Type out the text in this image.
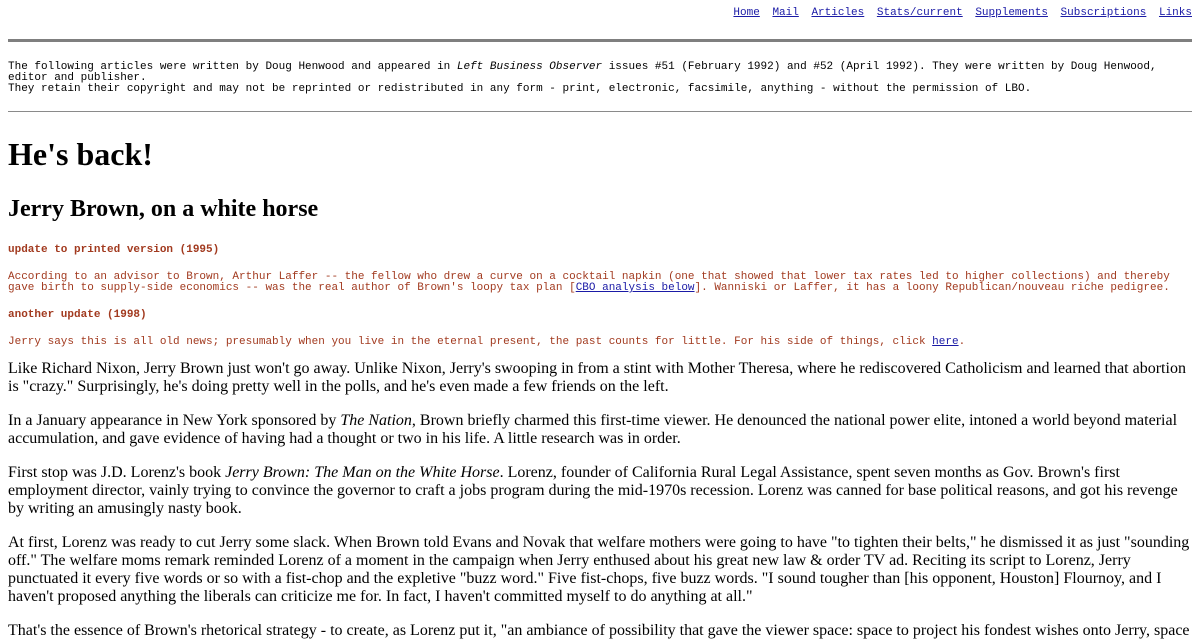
Home Mail Articles Stats/current Supplements Subscriptions Links
The following articles were written by Doug Henwood and appeared in Left Business Observer issues #51 (February 1992) and #52 (April 1992). They were written by Doug Henwood, editor and publisher.
They retain their copyright and may not be reprinted or redistributed in any form - print, electronic, facsimile, anything - without the permission of LBO.
He's back!
Jerry Brown, on a white horse
update to printed version (1995)
According to an advisor to Brown, Arthur Laffer -- the fellow who drew a curve on a cocktail napkin (one that showed that lower tax rates led to higher collections) and thereby gave birth to supply-side economics -- was the real author of Brown's loopy tax plan [CBO analysis below]. Wanniski or Laffer, it has a loony Republican/nouveau riche pedigree.
another update (1998)
Jerry says this is all old news; presumably when you live in the eternal present, the past counts for little. For his side of things, click here.

Like Richard Nixon, Jerry Brown just won't go away. Unlike Nixon, Jerry's swooping in from a stint with Mother Theresa, where he rediscovered Catholicism and learned that abortion is "crazy." Surprisingly, he's doing pretty well in the polls, and he's even made a few friends on the left.

In a January appearance in New York sponsored by The Nation, Brown briefly charmed this first-time viewer. He denounced the national power elite, intoned a world beyond material accumulation, and gave evidence of having had a thought or two in his life. A little research was in order.

First stop was J.D. Lorenz's book Jerry Brown: The Man on the White Horse. Lorenz, founder of California Rural Legal Assistance, spent seven months as Gov. Brown's first employment director, vainly trying to convince the governor to craft a jobs program during the mid-1970s recession. Lorenz was canned for base political reasons, and got his revenge by writing an amusingly nasty book.

At first, Lorenz was ready to cut Jerry some slack. When Brown told Evans and Novak that welfare mothers were going to have "to tighten their belts," he dismissed it as just "sounding off." The welfare moms remark reminded Lorenz of a moment in the campaign when Jerry enthused about his great new law & order TV ad. Reciting its script to Lorenz, Jerry punctuated it every five words or so with a fist-chop and the expletive "buzz word." Five fist-chops, five buzz words. "I sound tougher than [his opponent, Houston] Flournoy, and I haven't proposed anything the liberals can criticize me for. In fact, I haven't committed myself to do anything at all."

That's the essence of Brown's rhetorical strategy - to create, as Lorenz put it, "an ambiance of possibility that gave the viewer space: space to project his fondest wishes onto Jerry, space
